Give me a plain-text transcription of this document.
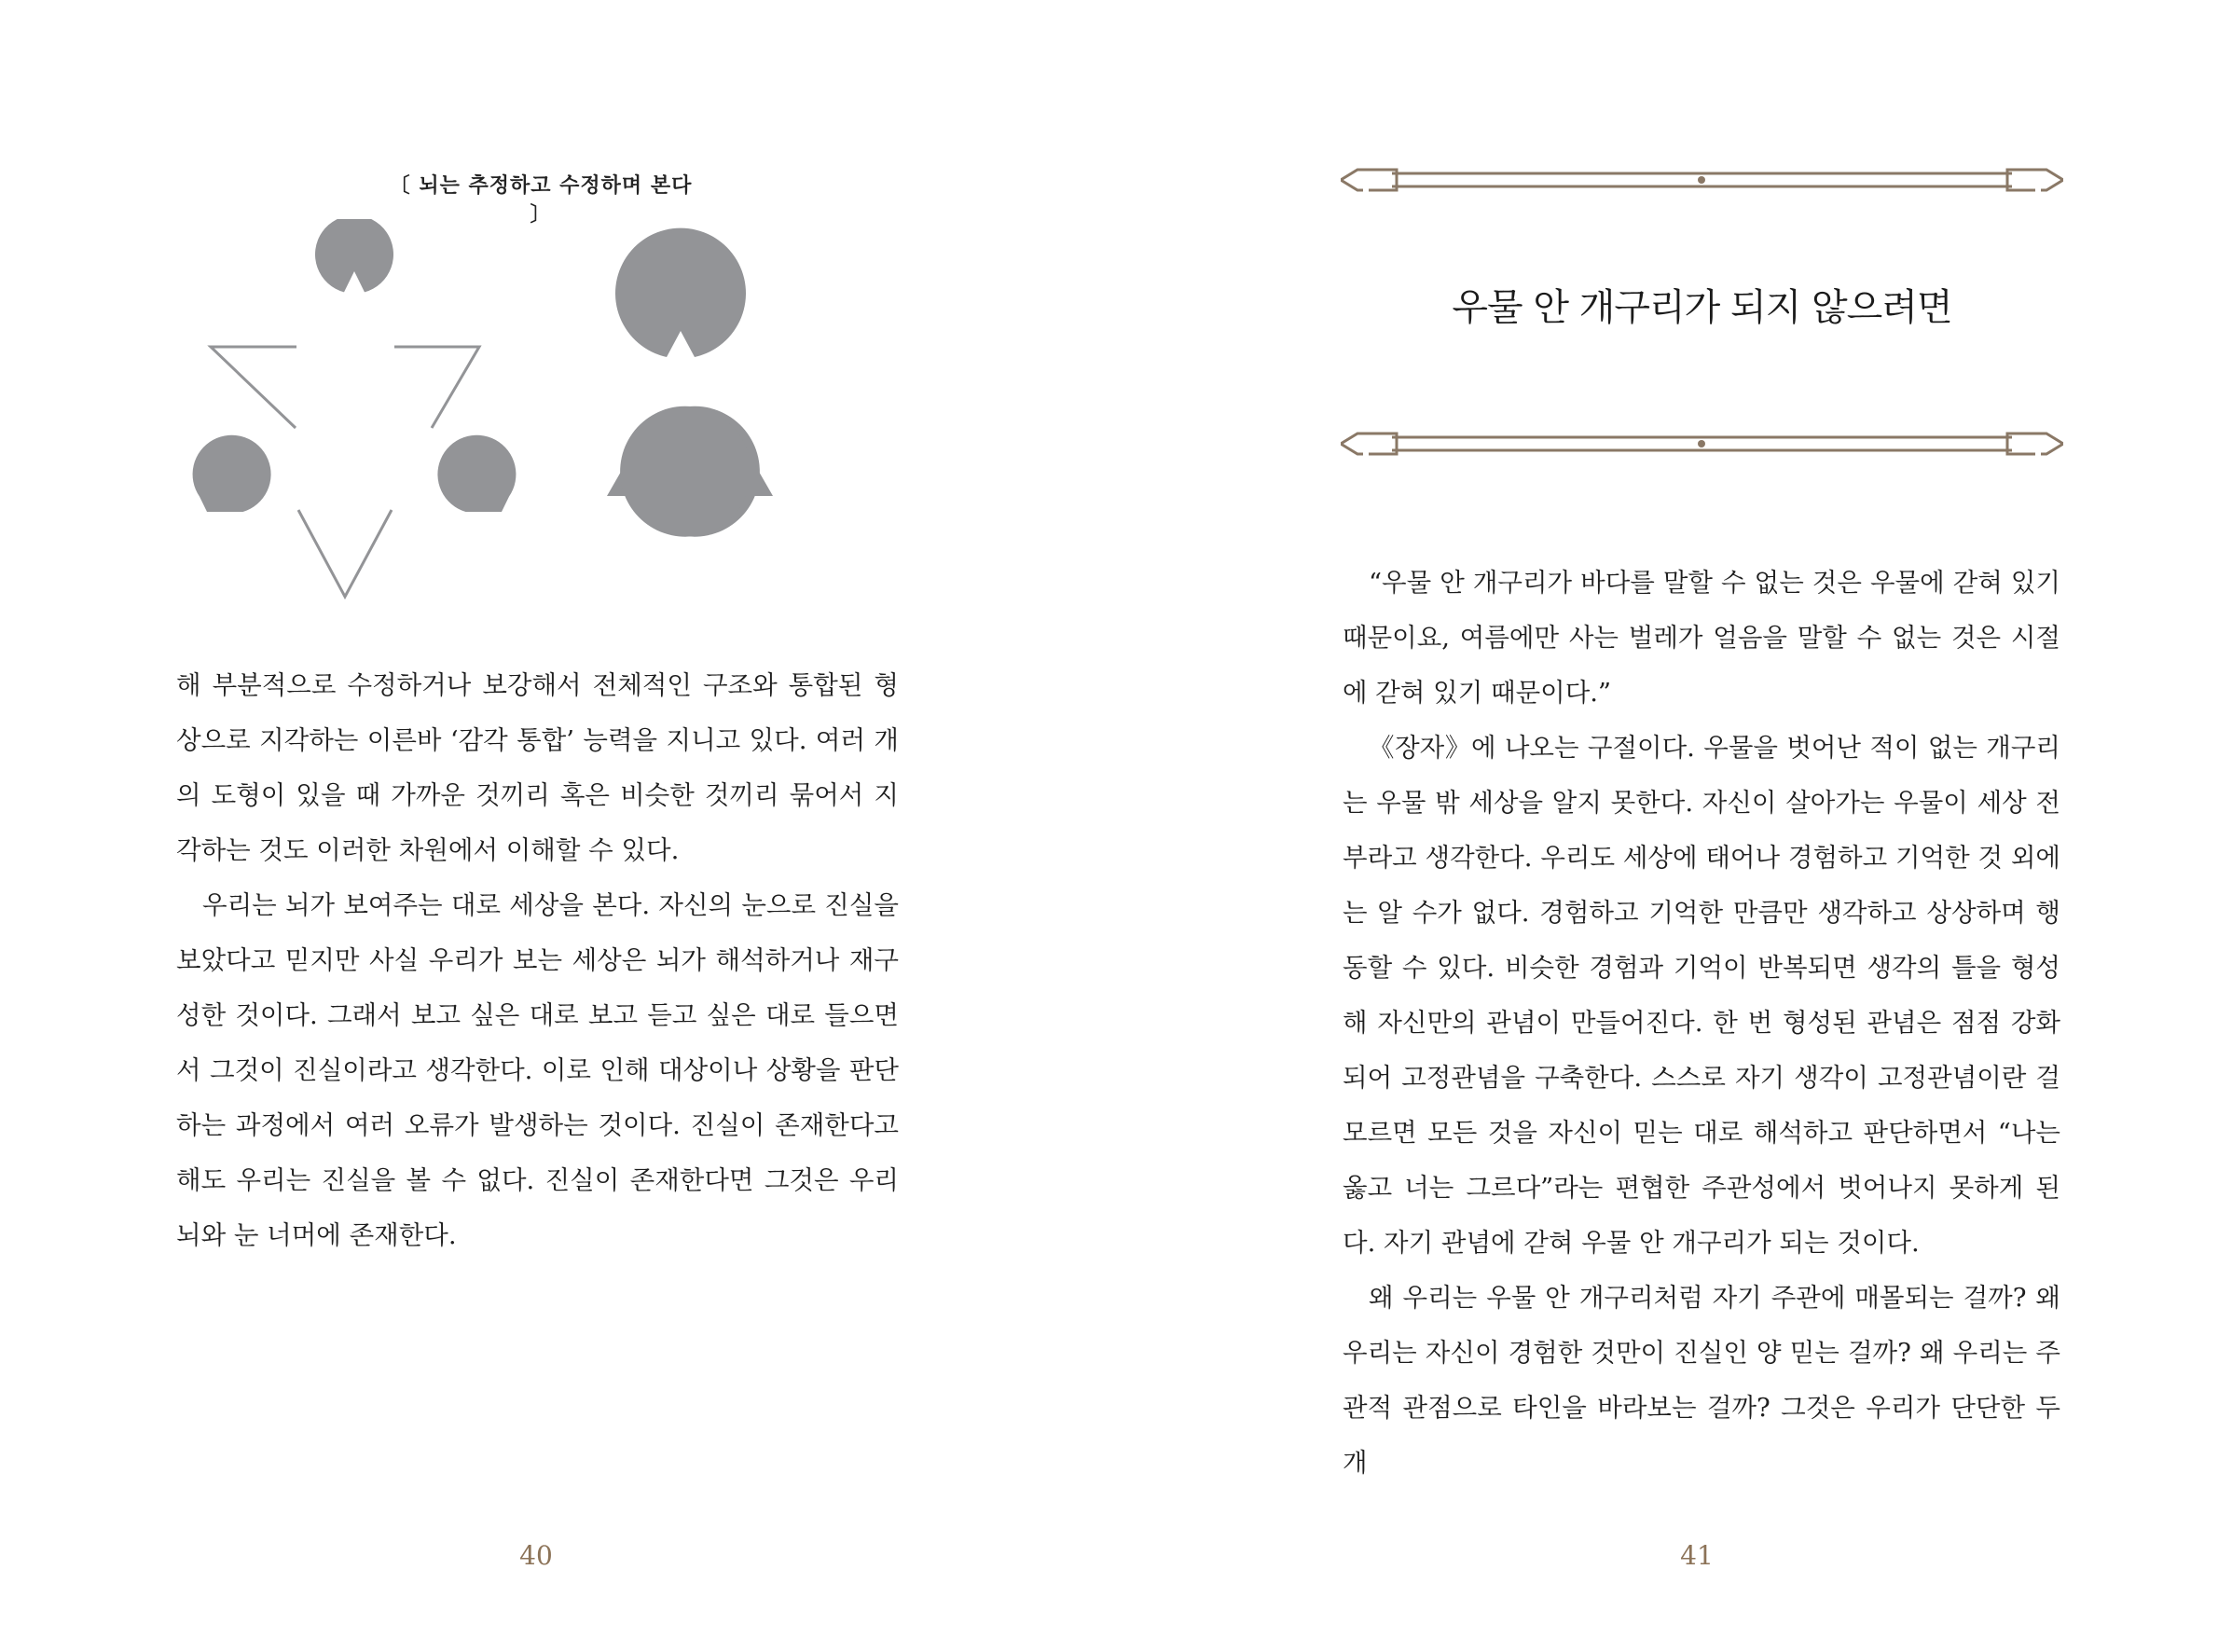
〔 뇌는 추정하고 수정하며 본다 〕

해 부분적으로 수정하거나 보강해서 전체적인 구조와 통합된 형상으로 지각하는 이른바 ‘감각 통합’ 능력을 지니고 있다. 여러 개의 도형이 있을 때 가까운 것끼리 혹은 비슷한 것끼리 묶어서 지각하는 것도 이러한 차원에서 이해할 수 있다.

우리는 뇌가 보여주는 대로 세상을 본다. 자신의 눈으로 진실을 보았다고 믿지만 사실 우리가 보는 세상은 뇌가 해석하거나 재구성한 것이다. 그래서 보고 싶은 대로 보고 듣고 싶은 대로 들으면서 그것이 진실이라고 생각한다. 이로 인해 대상이나 상황을 판단하는 과정에서 여러 오류가 발생하는 것이다. 진실이 존재한다고 해도 우리는 진실을 볼 수 없다. 진실이 존재한다면 그것은 우리 뇌와 눈 너머에 존재한다.

40
우물 안 개구리가 되지 않으려면

“우물 안 개구리가 바다를 말할 수 없는 것은 우물에 갇혀 있기 때문이요, 여름에만 사는 벌레가 얼음을 말할 수 없는 것은 시절에 갇혀 있기 때문이다.”

《장자》에 나오는 구절이다. 우물을 벗어난 적이 없는 개구리는 우물 밖 세상을 알지 못한다. 자신이 살아가는 우물이 세상 전부라고 생각한다. 우리도 세상에 태어나 경험하고 기억한 것 외에는 알 수가 없다. 경험하고 기억한 만큼만 생각하고 상상하며 행동할 수 있다. 비슷한 경험과 기억이 반복되면 생각의 틀을 형성해 자신만의 관념이 만들어진다. 한 번 형성된 관념은 점점 강화되어 고정관념을 구축한다. 스스로 자기 생각이 고정관념이란 걸 모르면 모든 것을 자신이 믿는 대로 해석하고 판단하면서 “나는 옳고 너는 그르다”라는 편협한 주관성에서 벗어나지 못하게 된다. 자기 관념에 갇혀 우물 안 개구리가 되는 것이다.

왜 우리는 우물 안 개구리처럼 자기 주관에 매몰되는 걸까? 왜 우리는 자신이 경험한 것만이 진실인 양 믿는 걸까? 왜 우리는 주관적 관점으로 타인을 바라보는 걸까? 그것은 우리가 단단한 두개

41
